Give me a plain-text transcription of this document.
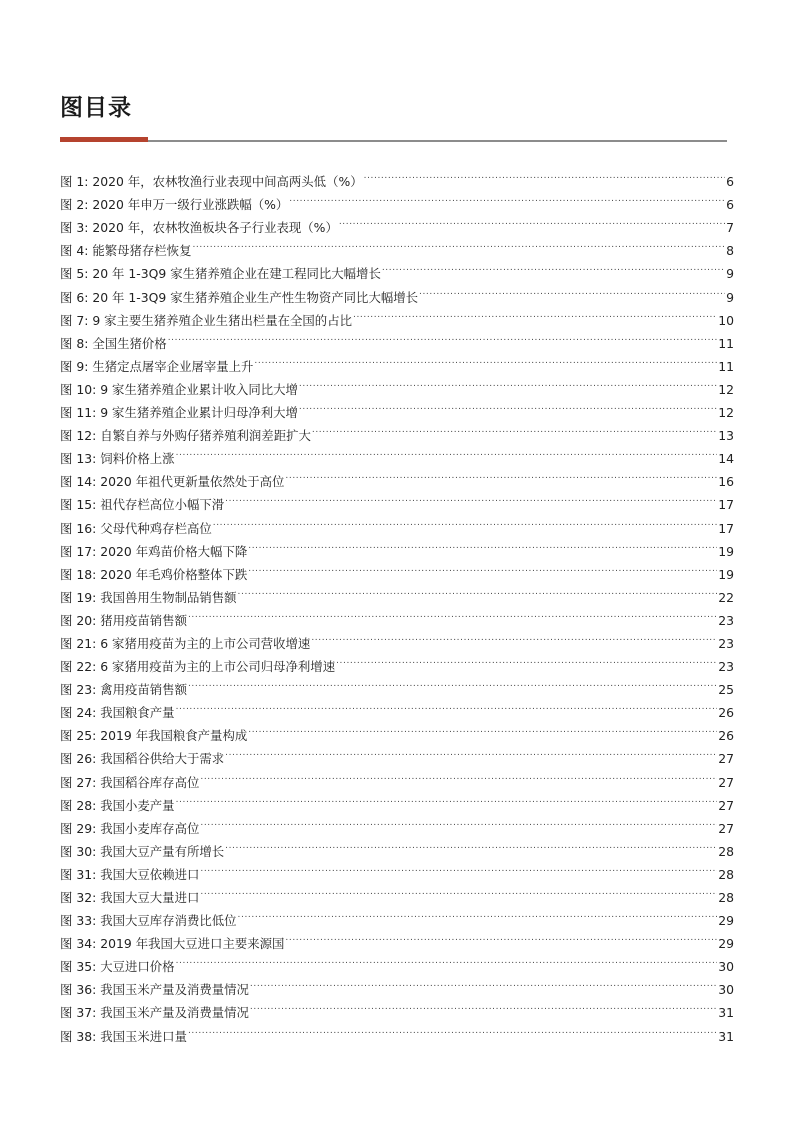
图目录
图 1: 2020 年，农林牧渔行业表现中间高两头低（%） .....	6
图 2: 2020 年申万一级行业涨跌幅（%） .....	6
图 3: 2020 年，农林牧渔板块各子行业表现（%） .....	7
图 4: 能繁母猪存栏恢复 .....	8
图 5: 20 年 1-3Q9 家生猪养殖企业在建工程同比大幅增长 .....	9
图 6: 20 年 1-3Q9 家生猪养殖企业生产性生物资产同比大幅增长 .....	9
图 7: 9 家主要生猪养殖企业生猪出栏量在全国的占比 .....	10
图 8: 全国生猪价格 .....	11
图 9: 生猪定点屠宰企业屠宰量上升 .....	11
图 10: 9 家生猪养殖企业累计收入同比大增 .....	12
图 11: 9 家生猪养殖企业累计归母净利大增 .....	12
图 12: 自繁自养与外购仔猪养殖利润差距扩大 .....	13
图 13: 饲料价格上涨 .....	14
图 14: 2020 年祖代更新量依然处于高位 .....	16
图 15: 祖代存栏高位小幅下滑 .....	17
图 16: 父母代种鸡存栏高位 .....	17
图 17: 2020 年鸡苗价格大幅下降 .....	19
图 18: 2020 年毛鸡价格整体下跌 .....	19
图 19: 我国兽用生物制品销售额 .....	22
图 20: 猪用疫苗销售额 .....	23
图 21: 6 家猪用疫苗为主的上市公司营收增速 .....	23
图 22: 6 家猪用疫苗为主的上市公司归母净利增速 .....	23
图 23: 禽用疫苗销售额 .....	25
图 24: 我国粮食产量 .....	26
图 25: 2019 年我国粮食产量构成 .....	26
图 26: 我国稻谷供给大于需求 .....	27
图 27: 我国稻谷库存高位 .....	27
图 28: 我国小麦产量 .....	27
图 29: 我国小麦库存高位 .....	27
图 30: 我国大豆产量有所增长 .....	28
图 31: 我国大豆依赖进口 .....	28
图 32: 我国大豆大量进口 .....	28
图 33: 我国大豆库存消费比低位 .....	29
图 34: 2019 年我国大豆进口主要来源国 .....	29
图 35: 大豆进口价格 .....	30
图 36: 我国玉米产量及消费量情况 .....	30
图 37: 我国玉米产量及消费量情况 .....	31
图 38: 我国玉米进口量 .....	31
